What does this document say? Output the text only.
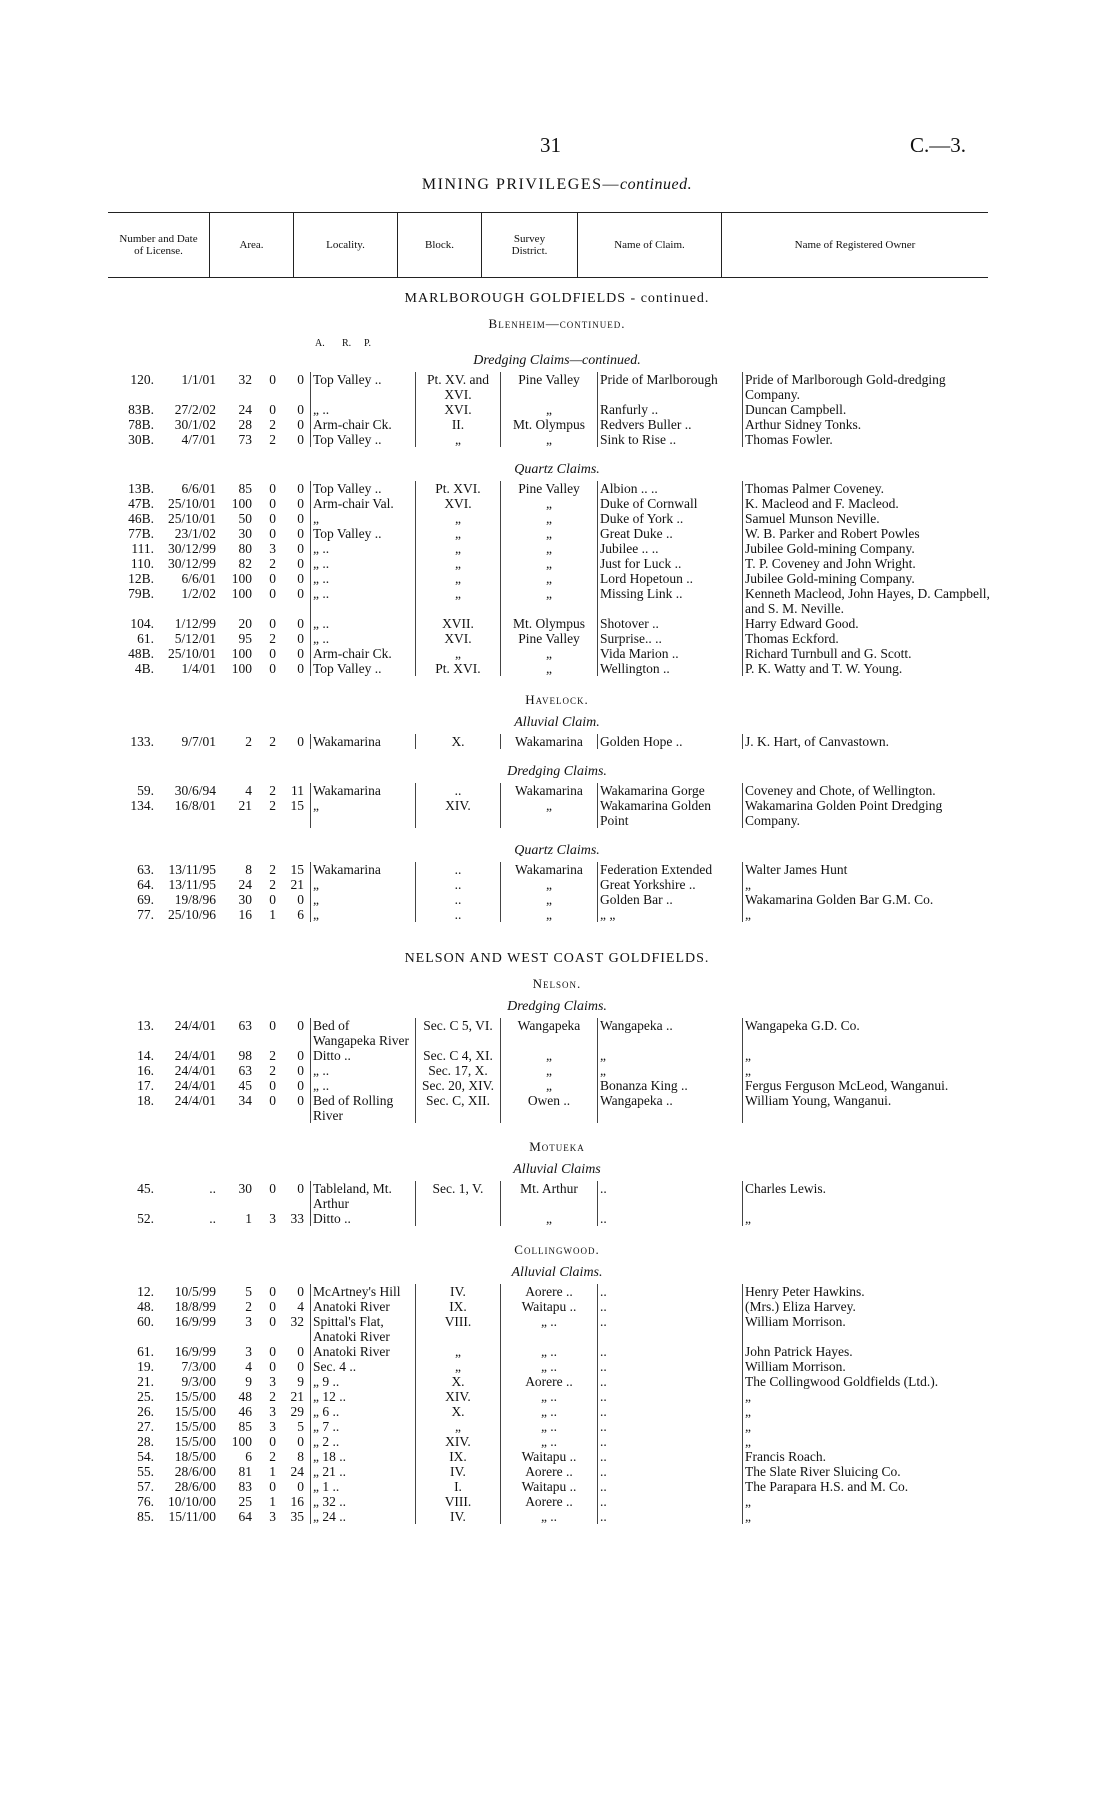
31	C.—3.
MINING PRIVILEGES—continued.
Number and Date of License.	Area.	Locality.	Block.	Survey District.	Name of Claim.	Name of Registered Owner
MARLBOROUGH GOLDFIELDS - continued.
Blenheim—continued.
A. R. P.
Dredging Claims—continued.
120.	1/1/01	32	0	0	Top Valley ..	Pt. XV. and XVI.	Pine Valley	Pride of Marlborough	Pride of Marlborough Gold-dredging Company.
83B.	27/2/02	24	0	0	„ ..	XVI.	„	Ranfurly ..	Duncan Campbell.
78B.	30/1/02	28	2	0	Arm-chair Ck.	II.	Mt. Olympus	Redvers Buller ..	Arthur Sidney Tonks.
30B.	4/7/01	73	2	0	Top Valley ..	„	„	Sink to Rise ..	Thomas Fowler.
Quartz Claims.
13B.	6/6/01	85	0	0	Top Valley ..	Pt. XVI.	Pine Valley	Albion .. ..	Thomas Palmer Coveney.
47B.	25/10/01	100	0	0	Arm-chair Val.	XVI.	„	Duke of Cornwall	K. Macleod and F. Macleod.
46B.	25/10/01	50	0	0	„	„	„	Duke of York ..	Samuel Munson Neville.
77B.	23/1/02	30	0	0	Top Valley ..	„	„	Great Duke ..	W. B. Parker and Robert Powles
111.	30/12/99	80	3	0	„ ..	„	„	Jubilee .. ..	Jubilee Gold-mining Company.
110.	30/12/99	82	2	0	„ ..	„	„	Just for Luck ..	T. P. Coveney and John Wright.
12B.	6/6/01	100	0	0	„ ..	„	„	Lord Hopetoun ..	Jubilee Gold-mining Company.
79B.	1/2/02	100	0	0	„ ..	„	„	Missing Link ..	Kenneth Macleod, John Hayes, D. Campbell, and S. M. Neville.
104.	1/12/99	20	0	0	„ ..	XVII.	Mt. Olympus	Shotover ..	Harry Edward Good.
61.	5/12/01	95	2	0	„ ..	XVI.	Pine Valley	Surprise.. ..	Thomas Eckford.
48B.	25/10/01	100	0	0	Arm-chair Ck.	„	„	Vida Marion ..	Richard Turnbull and G. Scott.
4B.	1/4/01	100	0	0	Top Valley ..	Pt. XVI.	„	Wellington ..	P. K. Watty and T. W. Young.
Havelock.
Alluvial Claim.
133.	9/7/01	2	2	0	Wakamarina	X.	Wakamarina	Golden Hope ..	J. K. Hart, of Canvastown.
Dredging Claims.
59.	30/6/94	4	2	11	Wakamarina	..	Wakamarina	Wakamarina Gorge	Coveney and Chote, of Wellington.
134.	16/8/01	21	2	15	„	XIV.	„	Wakamarina Golden Point	Wakamarina Golden Point Dredging Company.
Quartz Claims.
63.	13/11/95	8	2	15	Wakamarina	..	Wakamarina	Federation Extended	Walter James Hunt
64.	13/11/95	24	2	21	„	..	„	Great Yorkshire ..	„
69.	19/8/96	30	0	0	„	..	„	Golden Bar ..	Wakamarina Golden Bar G.M. Co.
77.	25/10/96	16	1	6	„	..	„	„ „	„
NELSON AND WEST COAST GOLDFIELDS.
Nelson.
Dredging Claims.
13.	24/4/01	63	0	0	Bed of Wangapeka River	Sec. C 5, VI.	Wangapeka	Wangapeka ..	Wangapeka G.D. Co.
14.	24/4/01	98	2	0	Ditto ..	Sec. C 4, XI.	„	„	„
16.	24/4/01	63	2	0	„ ..	Sec. 17, X.	„	„	„
17.	24/4/01	45	0	0	„ ..	Sec. 20, XIV.	„	Bonanza King ..	Fergus Ferguson McLeod, Wanganui.
18.	24/4/01	34	0	0	Bed of Rolling River	Sec. C, XII.	Owen ..	Wangapeka ..	William Young, Wanganui.
Motueka
Alluvial Claims
45.	..	30	0	0	Tableland, Mt. Arthur	Sec. 1, V.	Mt. Arthur	..	Charles Lewis.
52.	..	1	3	33	Ditto ..		„	..	„
Collingwood.
Alluvial Claims.
12.	10/5/99	5	0	0	McArtney's Hill	IV.	Aorere ..	..	Henry Peter Hawkins.
48.	18/8/99	2	0	4	Anatoki River	IX.	Waitapu ..	..	(Mrs.) Eliza Harvey.
60.	16/9/99	3	0	32	Spittal's Flat, Anatoki River	VIII.	„ ..	..	William Morrison.
61.	16/9/99	3	0	0	Anatoki River	„	„ ..	..	John Patrick Hayes.
19.	7/3/00	4	0	0	Sec. 4 ..	„	„ ..	..	William Morrison.
21.	9/3/00	9	3	9	„ 9 ..	X.	Aorere ..	..	The Collingwood Goldfields (Ltd.).
25.	15/5/00	48	2	21	„ 12 ..	XIV.	„ ..	..	„
26.	15/5/00	46	3	29	„ 6 ..	X.	„ ..	..	„
27.	15/5/00	85	3	5	„ 7 ..	„	„ ..	..	„
28.	15/5/00	100	0	0	„ 2 ..	XIV.	„ ..	..	„
54.	18/5/00	6	2	8	„ 18 ..	IX.	Waitapu ..	..	Francis Roach.
55.	28/6/00	81	1	24	„ 21 ..	IV.	Aorere ..	..	The Slate River Sluicing Co.
57.	28/6/00	83	0	0	„ 1 ..	I.	Waitapu ..	..	The Parapara H.S. and M. Co.
76.	10/10/00	25	1	16	„ 32 ..	VIII.	Aorere ..	..	„
85.	15/11/00	64	3	35	„ 24 ..	IV.	„ ..	..	„
